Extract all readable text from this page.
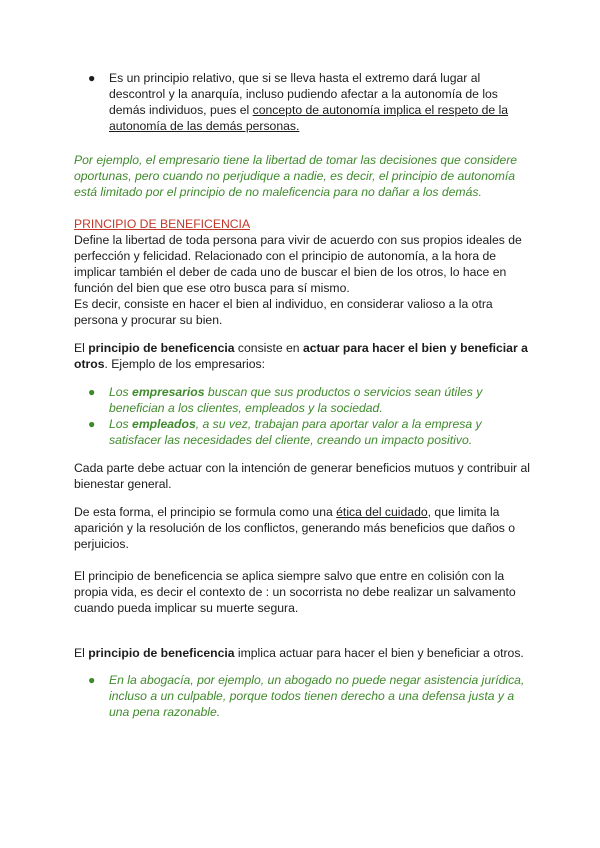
● Es un principio relativo, que si se lleva hasta el extremo dará lugar al descontrol y la anarquía, incluso pudiendo afectar a la autonomía de los demás individuos, pues el concepto de autonomía implica el respeto de la autonomía de las demás personas.

Por ejemplo, el empresario tiene la libertad de tomar las decisiones que considere oportunas, pero cuando no perjudique a nadie, es decir, el principio de autonomía está limitado por el principio de no maleficencia para no dañar a los demás.

PRINCIPIO DE BENEFICENCIA

Define la libertad de toda persona para vivir de acuerdo con sus propios ideales de perfección y felicidad. Relacionado con el principio de autonomía, a la hora de implicar también el deber de cada uno de buscar el bien de los otros, lo hace en función del bien que ese otro busca para sí mismo.

Es decir, consiste en hacer el bien al individuo, en considerar valioso a la otra persona y procurar su bien.

El principio de beneficencia consiste en actuar para hacer el bien y beneficiar a otros. Ejemplo de los empresarios:

● Los empresarios buscan que sus productos o servicios sean útiles y benefician a los clientes, empleados y la sociedad.
● Los empleados, a su vez, trabajan para aportar valor a la empresa y satisfacer las necesidades del cliente, creando un impacto positivo.

Cada parte debe actuar con la intención de generar beneficios mutuos y contribuir al bienestar general.

De esta forma, el principio se formula como una ética del cuidado, que limita la aparición y la resolución de los conflictos, generando más beneficios que daños o perjuicios.

El principio de beneficencia se aplica siempre salvo que entre en colisión con la propia vida, es decir el contexto de : un socorrista no debe realizar un salvamento cuando pueda implicar su muerte segura.

El principio de beneficencia implica actuar para hacer el bien y beneficiar a otros.

● En la abogacía, por ejemplo, un abogado no puede negar asistencia jurídica, incluso a un culpable, porque todos tienen derecho a una defensa justa y a una pena razonable.
